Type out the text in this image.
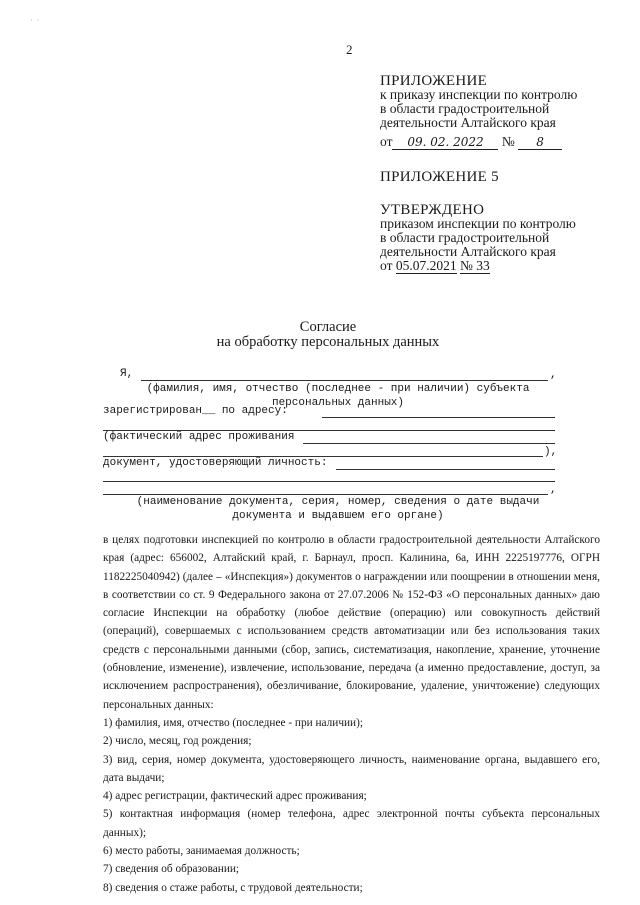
·  ·
2
ПРИЛОЖЕНИЕ
к приказу инспекции по контролю
в области градостроительной
деятельности Алтайского края
от 09. 02. 2022 № 8
ПРИЛОЖЕНИЕ 5
УТВЕРЖДЕНО
приказом инспекции по контролю
в области градостроительной
деятельности Алтайского края
от 05.07.2021 № 33
Согласие
на обработку персональных данных
Я,	,
(фамилия, имя, отчество (последнее - при наличии) субъекта
персональных данных)
зарегистрирован__ по адресу:
(фактический адрес проживания
),
документ, удостоверяющий личность:
,
(наименование документа, серия, номер, сведения о дате выдачи
документа и выдавшем его органе)

в целях подготовки инспекцией по контролю в области градостроительной деятельности Алтайского края (адрес: 656002, Алтайский край, г. Барнаул, просп. Калинина, 6а, ИНН 2225197776, ОГРН 1182225040942) (далее – «Инспекция») документов о награждении или поощрении в отношении меня, в соответствии со ст. 9 Федерального закона от 27.07.2006 № 152-ФЗ «О персональных данных» даю согласие Инспекции на обработку (любое действие (операцию) или совокупность действий (операций), совершаемых с использованием средств автоматизации или без использования таких средств с персональными данными (сбор, запись, систематизация, накопление, хранение, уточнение (обновление, изменение), извлечение, использование, передача (а именно предоставление, доступ, за исключением распространения), обезличивание, блокирование, удаление, уничтожение) следующих персональных данных:

1) фамилия, имя, отчество (последнее - при наличии);

2) число, месяц, год рождения;

3) вид, серия, номер документа, удостоверяющего личность, наименование органа, выдавшего его, дата выдачи;

4) адрес регистрации, фактический адрес проживания;

5) контактная информация (номер телефона, адрес электронной почты субъекта персональных данных);

6) место работы, занимаемая должность;

7) сведения об образовании;

8) сведения о стаже работы, с трудовой деятельности;
